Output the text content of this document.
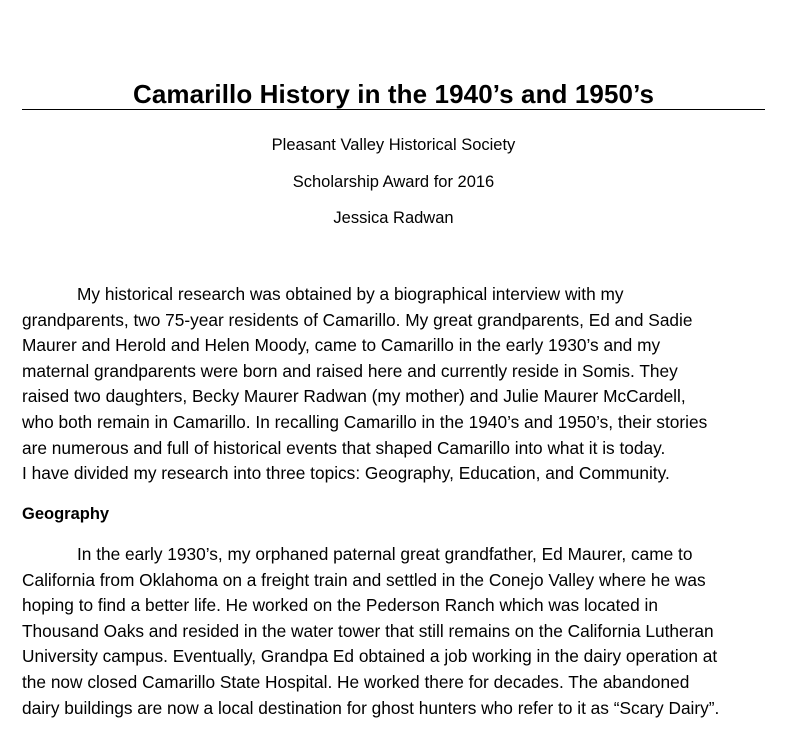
Camarillo History in the 1940’s and 1950’s
Pleasant Valley Historical Society
Scholarship Award for 2016
Jessica Radwan
My historical research was obtained by a biographical interview with my
grandparents, two 75-year residents of Camarillo. My great grandparents, Ed and Sadie
Maurer and Herold and Helen Moody, came to Camarillo in the early 1930’s and my
maternal grandparents were born and raised here and currently reside in Somis. They
raised two daughters, Becky Maurer Radwan (my mother) and Julie Maurer McCardell,
who both remain in Camarillo. In recalling Camarillo in the 1940’s and 1950’s, their stories
are numerous and full of historical events that shaped Camarillo into what it is today.
I have divided my research into three topics: Geography, Education, and Community.
Geography
In the early 1930’s, my orphaned paternal great grandfather, Ed Maurer, came to
California from Oklahoma on a freight train and settled in the Conejo Valley where he was
hoping to find a better life. He worked on the Pederson Ranch which was located in
Thousand Oaks and resided in the water tower that still remains on the California Lutheran
University campus. Eventually, Grandpa Ed obtained a job working in the dairy operation at
the now closed Camarillo State Hospital. He worked there for decades. The abandoned
dairy buildings are now a local destination for ghost hunters who refer to it as “Scary Dairy”.
